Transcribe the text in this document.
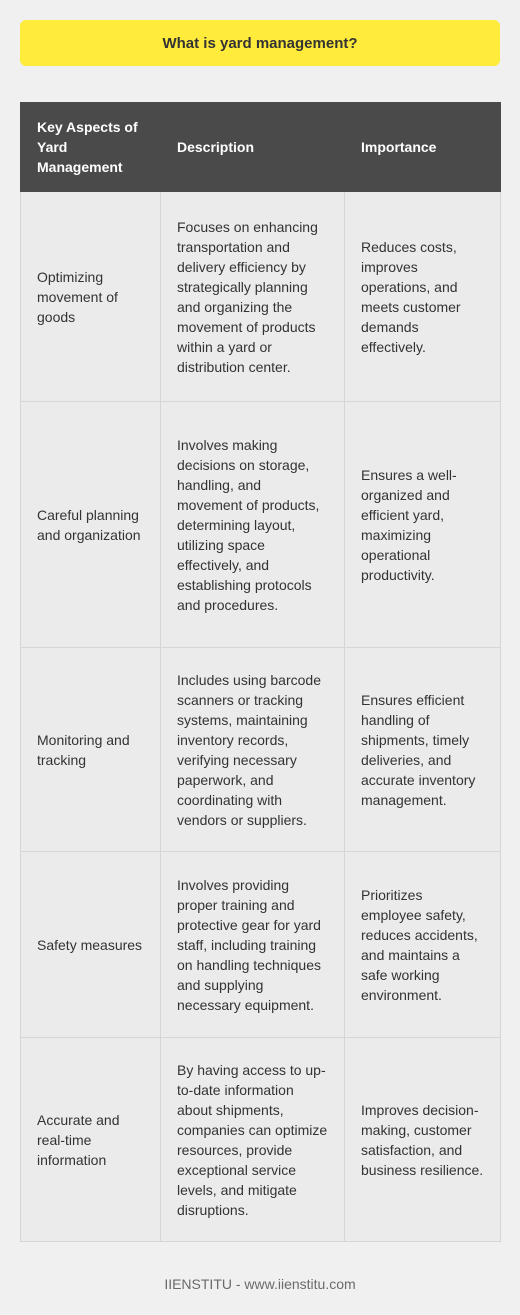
What is yard management?
Key Aspects of Yard Management	Description	Importance
Optimizing movement of goods	Focuses on enhancing transportation and delivery efficiency by strategically planning and organizing the movement of products within a yard or distribution center.	Reduces costs, improves operations, and meets customer demands effectively.
Careful planning and organization	Involves making decisions on storage, handling, and movement of products, determining layout, utilizing space effectively, and establishing protocols and procedures.	Ensures a well-organized and efficient yard, maximizing operational productivity.
Monitoring and tracking	Includes using barcode scanners or tracking systems, maintaining inventory records, verifying necessary paperwork, and coordinating with vendors or suppliers.	Ensures efficient handling of shipments, timely deliveries, and accurate inventory management.
Safety measures	Involves providing proper training and protective gear for yard staff, including training on handling techniques and supplying necessary equipment.	Prioritizes employee safety, reduces accidents, and maintains a safe working environment.
Accurate and real-time information	By having access to up-to-date information about shipments, companies can optimize resources, provide exceptional service levels, and mitigate disruptions.	Improves decision-making, customer satisfaction, and business resilience.
IIENSTITU - www.iienstitu.com
